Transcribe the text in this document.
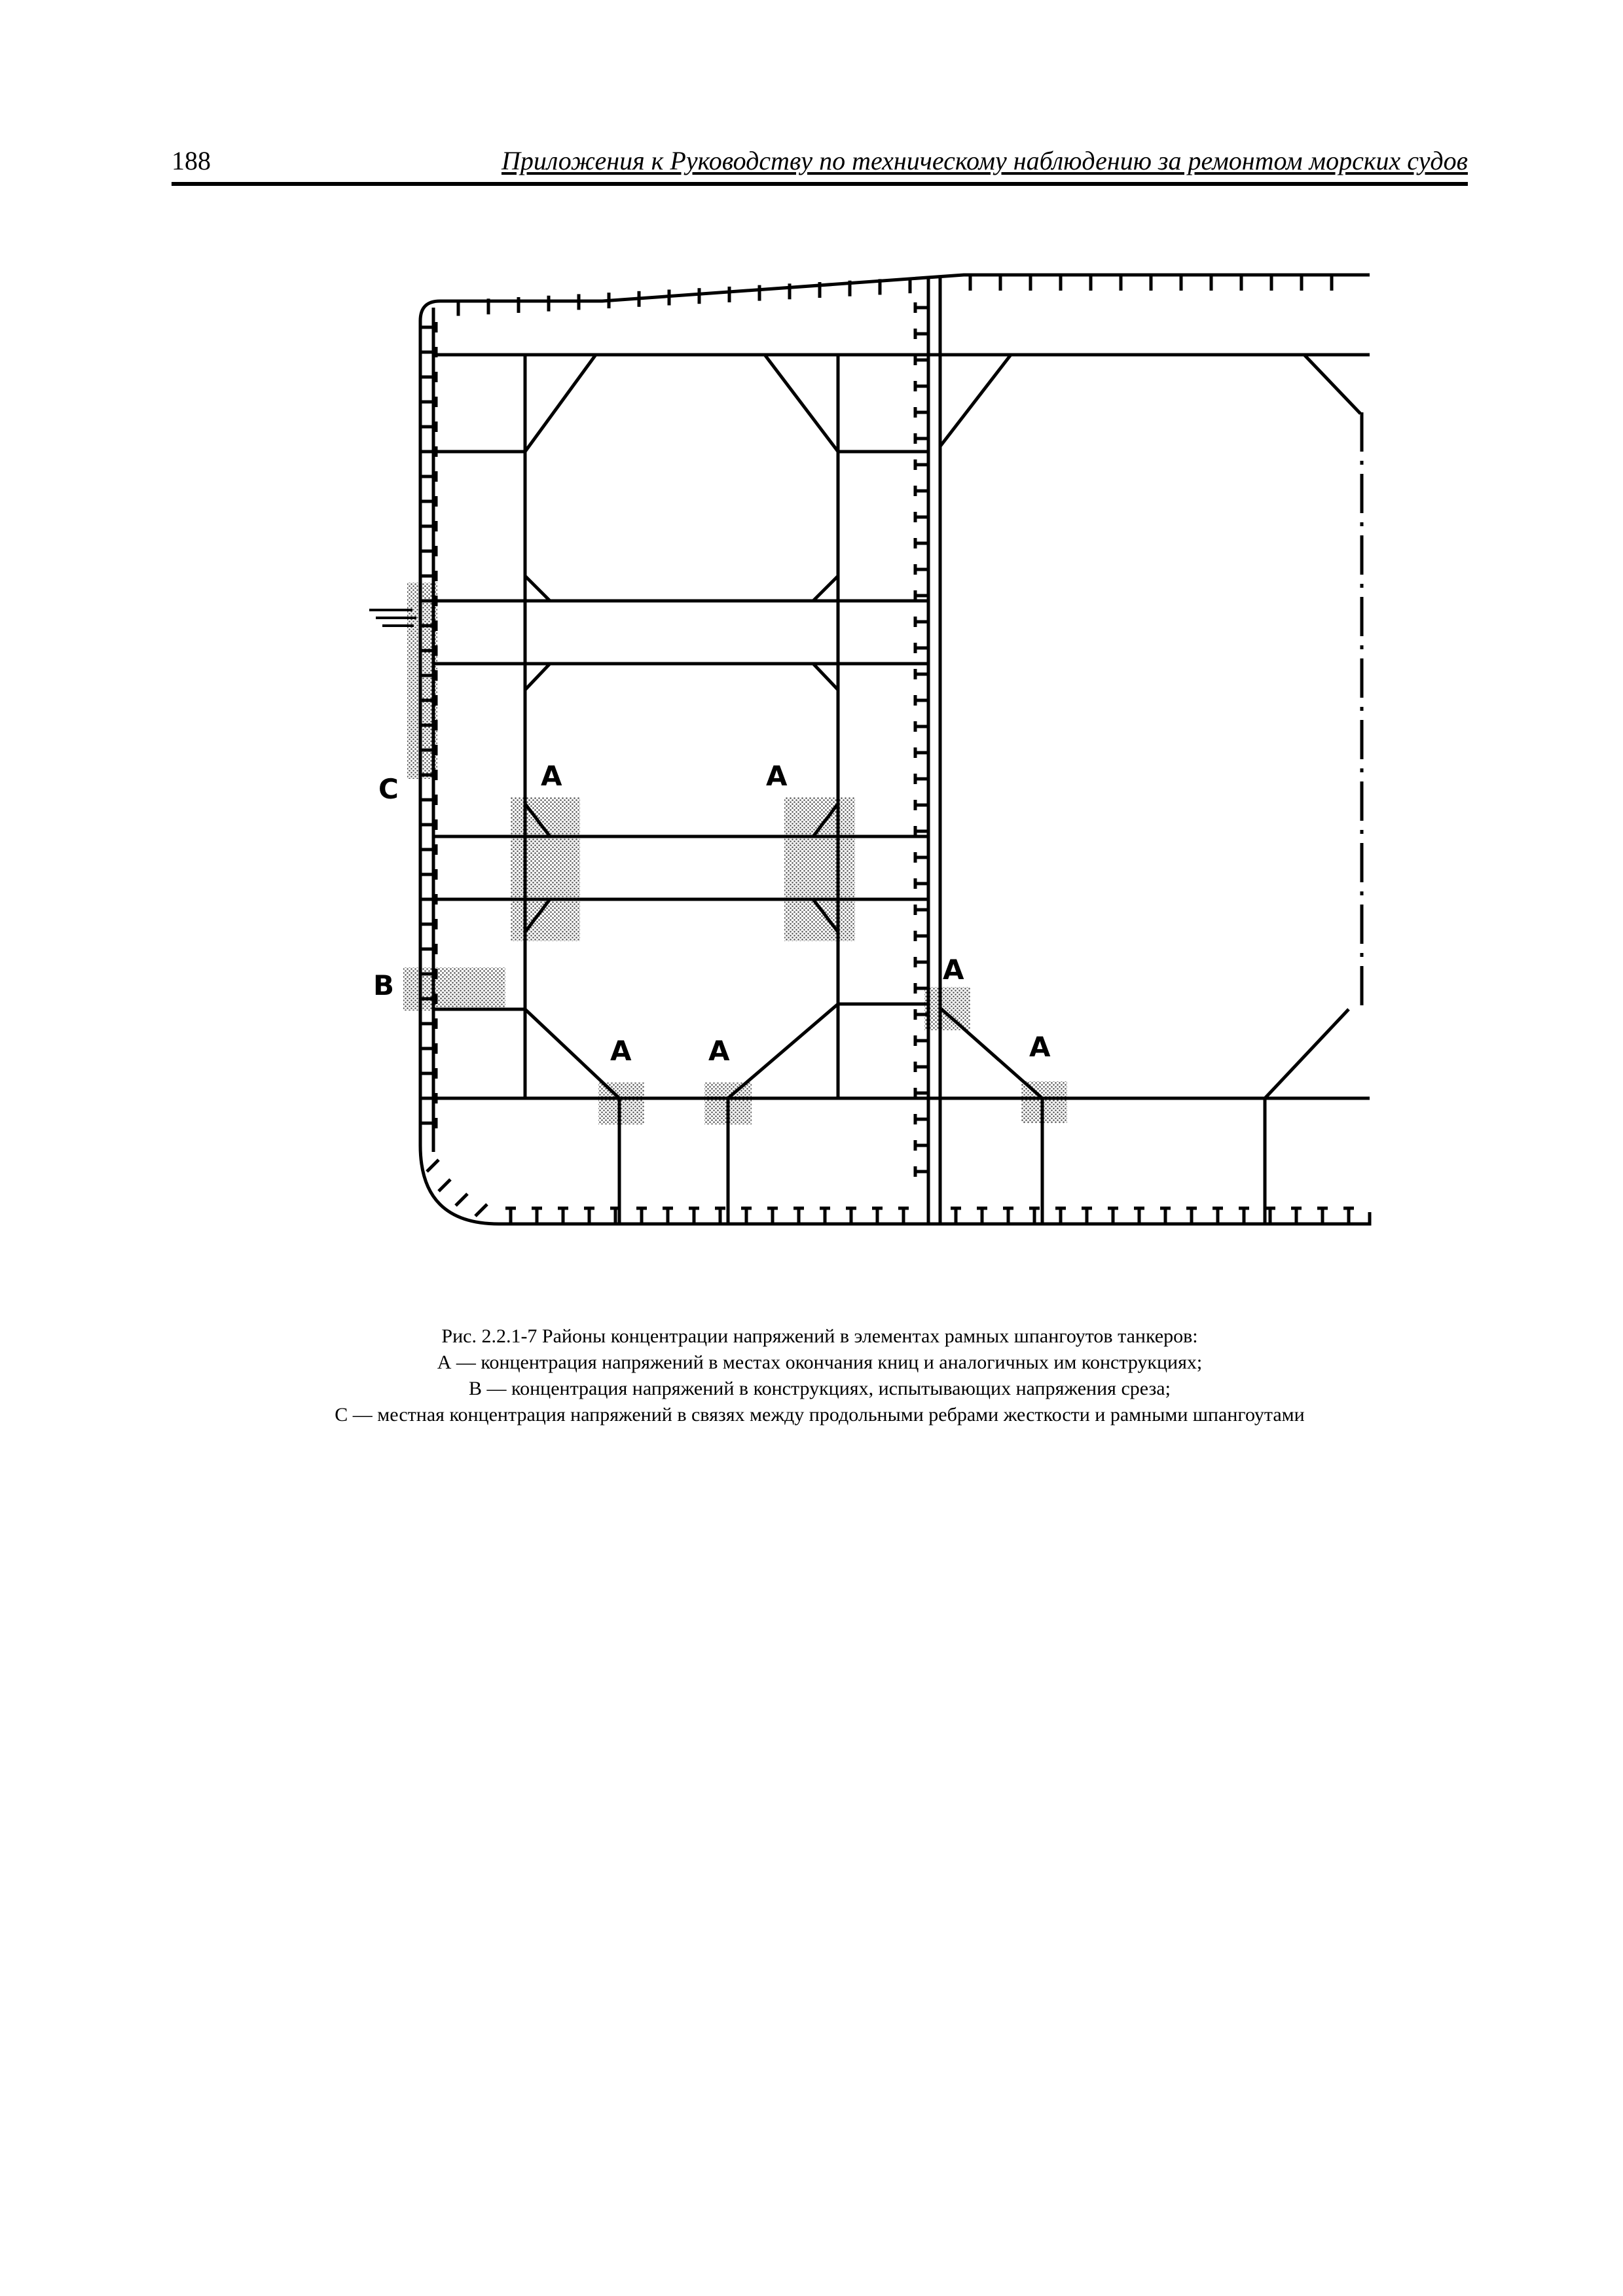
188	Приложения к Руководству по техническому наблюдению за ремонтом морских судов
C
B
A	A
A
A	A	A
Рис. 2.2.1-7 Районы концентрации напряжений в элементах рамных шпангоутов танкеров:
А — концентрация напряжений в местах окончания книц и аналогичных им конструкциях;
В — концентрация напряжений в конструкциях, испытывающих напряжения среза;
С — местная концентрация напряжений в связях между продольными ребрами жесткости и рамными шпангоутами
